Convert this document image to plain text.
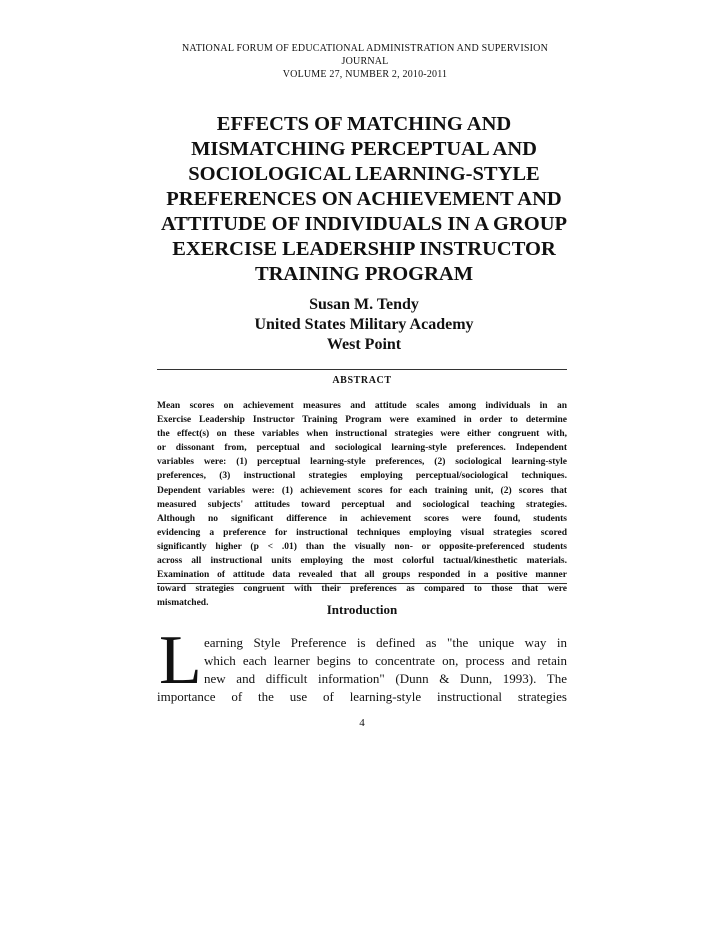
NATIONAL FORUM OF EDUCATIONAL ADMINISTRATION AND SUPERVISION JOURNAL
VOLUME 27, NUMBER 2, 2010-2011
EFFECTS OF MATCHING AND
MISMATCHING PERCEPTUAL AND
SOCIOLOGICAL LEARNING-STYLE
PREFERENCES ON ACHIEVEMENT AND
ATTITUDE OF INDIVIDUALS IN A GROUP
EXERCISE LEADERSHIP INSTRUCTOR
TRAINING PROGRAM
Susan M. Tendy
United States Military Academy
West Point
ABSTRACT
Mean scores on achievement measures and attitude scales among individuals in an
Exercise Leadership Instructor Training Program were examined in order to determine
the effect(s) on these variables when instructional strategies were either congruent with,
or dissonant from, perceptual and sociological learning-style preferences. Independent
variables were: (1) perceptual learning-style preferences, (2) sociological learning-style
preferences, (3) instructional strategies employing perceptual/sociological techniques.
Dependent variables were: (1) achievement scores for each training unit, (2) scores that
measured subjects' attitudes toward perceptual and sociological teaching strategies.
Although no significant difference in achievement scores were found, students
evidencing a preference for instructional techniques employing visual strategies scored
significantly higher (p < .01) than the visually non- or opposite-preferenced students
across all instructional units employing the most colorful tactual/kinesthetic materials.
Examination of attitude data revealed that all groups responded in a positive manner
toward strategies congruent with their preferences as compared to those that were
mismatched.	Introduction
L earning Style Preference is defined as "the unique way in
which each learner begins to concentrate on, process and retain
new and difficult information" (Dunn & Dunn, 1993). The
importance of the use of learning-style instructional strategies
4
